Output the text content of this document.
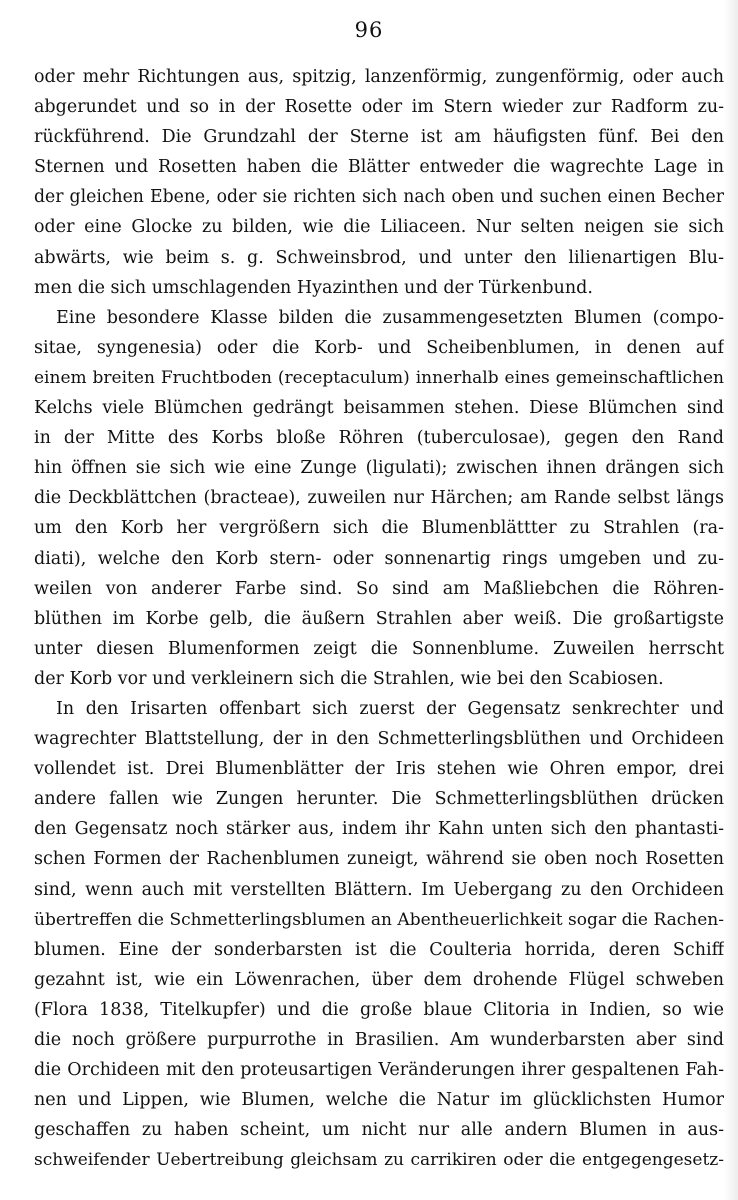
96
oder mehr Richtungen aus, spitzig, lanzenförmig, zungenförmig, oder auch
abgerundet und so in der Rosette oder im Stern wieder zur Radform zu-
rückführend. Die Grundzahl der Sterne ist am häufigsten fünf. Bei den
Sternen und Rosetten haben die Blätter entweder die wagrechte Lage in
der gleichen Ebene, oder sie richten sich nach oben und suchen einen Becher
oder eine Glocke zu bilden, wie die Liliaceen. Nur selten neigen sie sich
abwärts, wie beim s. g. Schweinsbrod, und unter den lilienartigen Blu-
men die sich umschlagenden Hyazinthen und der Türkenbund.
Eine besondere Klasse bilden die zusammengesetzten Blumen (compo-
sitae, syngenesia) oder die Korb- und Scheibenblumen, in denen auf
einem breiten Fruchtboden (receptaculum) innerhalb eines gemeinschaftlichen
Kelchs viele Blümchen gedrängt beisammen stehen. Diese Blümchen sind
in der Mitte des Korbs bloße Röhren (tuberculosae), gegen den Rand
hin öffnen sie sich wie eine Zunge (ligulati); zwischen ihnen drängen sich
die Deckblättchen (bracteae), zuweilen nur Härchen; am Rande selbst längs
um den Korb her vergrößern sich die Blumenblättter zu Strahlen (ra-
diati), welche den Korb stern- oder sonnenartig rings umgeben und zu-
weilen von anderer Farbe sind. So sind am Maßliebchen die Röhren-
blüthen im Korbe gelb, die äußern Strahlen aber weiß. Die großartigste
unter diesen Blumenformen zeigt die Sonnenblume. Zuweilen herrscht
der Korb vor und verkleinern sich die Strahlen, wie bei den Scabiosen.
In den Irisarten offenbart sich zuerst der Gegensatz senkrechter und
wagrechter Blattstellung, der in den Schmetterlingsblüthen und Orchideen
vollendet ist. Drei Blumenblätter der Iris stehen wie Ohren empor, drei
andere fallen wie Zungen herunter. Die Schmetterlingsblüthen drücken
den Gegensatz noch stärker aus, indem ihr Kahn unten sich den phantasti-
schen Formen der Rachenblumen zuneigt, während sie oben noch Rosetten
sind, wenn auch mit verstellten Blättern. Im Uebergang zu den Orchideen
übertreffen die Schmetterlingsblumen an Abentheuerlichkeit sogar die Rachen-
blumen. Eine der sonderbarsten ist die Coulteria horrida, deren Schiff
gezahnt ist, wie ein Löwenrachen, über dem drohende Flügel schweben
(Flora 1838, Titelkupfer) und die große blaue Clitoria in Indien, so wie
die noch größere purpurrothe in Brasilien. Am wunderbarsten aber sind
die Orchideen mit den proteusartigen Veränderungen ihrer gespaltenen Fah-
nen und Lippen, wie Blumen, welche die Natur im glücklichsten Humor
geschaffen zu haben scheint, um nicht nur alle andern Blumen in aus-
schweifender Uebertreibung gleichsam zu carrikiren oder die entgegengesetz-
